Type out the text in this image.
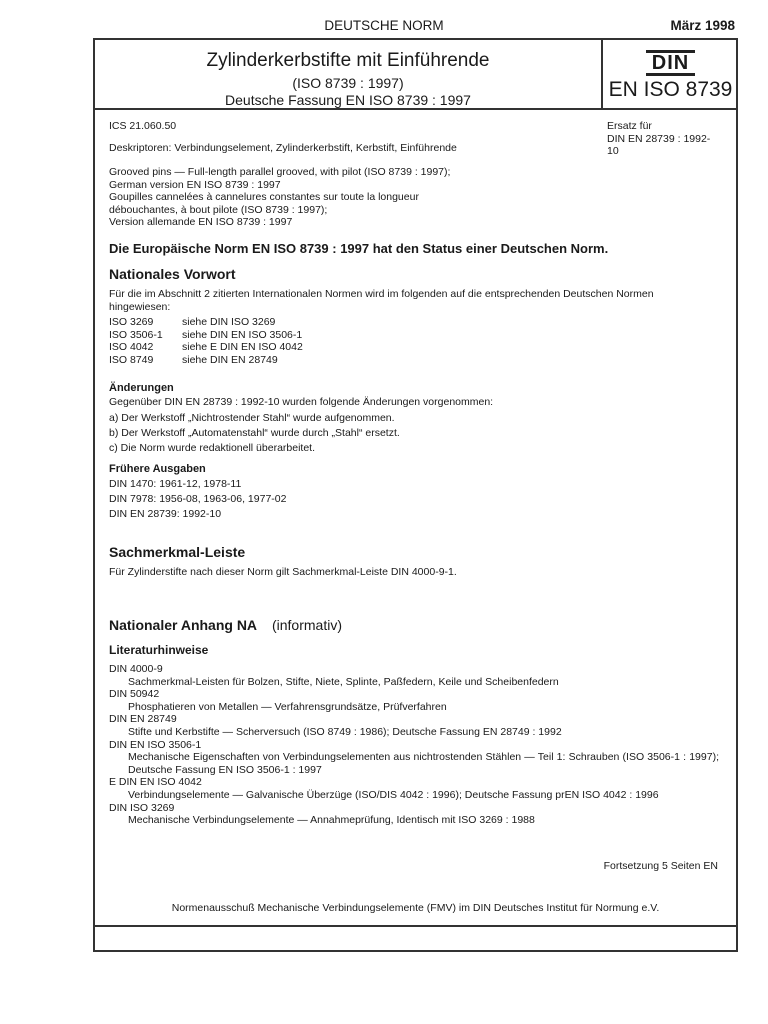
DEUTSCHE NORM	März 1998
Zylinderkerbstifte mit Einführende
(ISO 8739 : 1997)
Deutsche Fassung EN ISO 8739 : 1997
DIN
EN ISO 8739
ICS 21.060.50	Ersatz für
DIN EN 28739 : 1992-10
Deskriptoren: Verbindungselement, Zylinderkerbstift, Kerbstift, Einführende
Grooved pins — Full-length parallel grooved, with pilot (ISO 8739 : 1997);
German version EN ISO 8739 : 1997
Goupilles cannelées à cannelures constantes sur toute la longueur
débouchantes, à bout pilote (ISO 8739 : 1997);
Version allemande EN ISO 8739 : 1997
Die Europäische Norm EN ISO 8739 : 1997 hat den Status einer Deutschen Norm.
Nationales Vorwort
Für die im Abschnitt 2 zitierten Internationalen Normen wird im folgenden auf die entsprechenden Deutschen Normen
hingewiesen:
ISO 3269	siehe DIN ISO 3269
ISO 3506-1	siehe DIN EN ISO 3506-1
ISO 4042	siehe E DIN EN ISO 4042
ISO 8749	siehe DIN EN 28749
Änderungen
Gegenüber DIN EN 28739 : 1992-10 wurden folgende Änderungen vorgenommen:
a) Der Werkstoff „Nichtrostender Stahl“ wurde aufgenommen.
b) Der Werkstoff „Automatenstahl“ wurde durch „Stahl“ ersetzt.
c) Die Norm wurde redaktionell überarbeitet.
Frühere Ausgaben
DIN 1470: 1961-12, 1978-11
DIN 7978: 1956-08, 1963-06, 1977-02
DIN EN 28739: 1992-10
Sachmerkmal-Leiste
Für Zylinderstifte nach dieser Norm gilt Sachmerkmal-Leiste DIN 4000-9-1.
Nationaler Anhang NA (informativ)
Literaturhinweise
DIN 4000-9
Sachmerkmal-Leisten für Bolzen, Stifte, Niete, Splinte, Paßfedern, Keile und Scheibenfedern
DIN 50942
Phosphatieren von Metallen — Verfahrensgrundsätze, Prüfverfahren
DIN EN 28749
Stifte und Kerbstifte — Scherversuch (ISO 8749 : 1986); Deutsche Fassung EN 28749 : 1992
DIN EN ISO 3506-1
Mechanische Eigenschaften von Verbindungselementen aus nichtrostenden Stählen — Teil 1: Schrauben (ISO 3506-1 : 1997); Deutsche Fassung EN ISO 3506-1 : 1997
E DIN EN ISO 4042
Verbindungselemente — Galvanische Überzüge (ISO/DIS 4042 : 1996); Deutsche Fassung prEN ISO 4042 : 1996
DIN ISO 3269
Mechanische Verbindungselemente — Annahmeprüfung, Identisch mit ISO 3269 : 1988
Fortsetzung 5 Seiten EN
Normenausschuß Mechanische Verbindungselemente (FMV) im DIN Deutsches Institut für Normung e.V.
